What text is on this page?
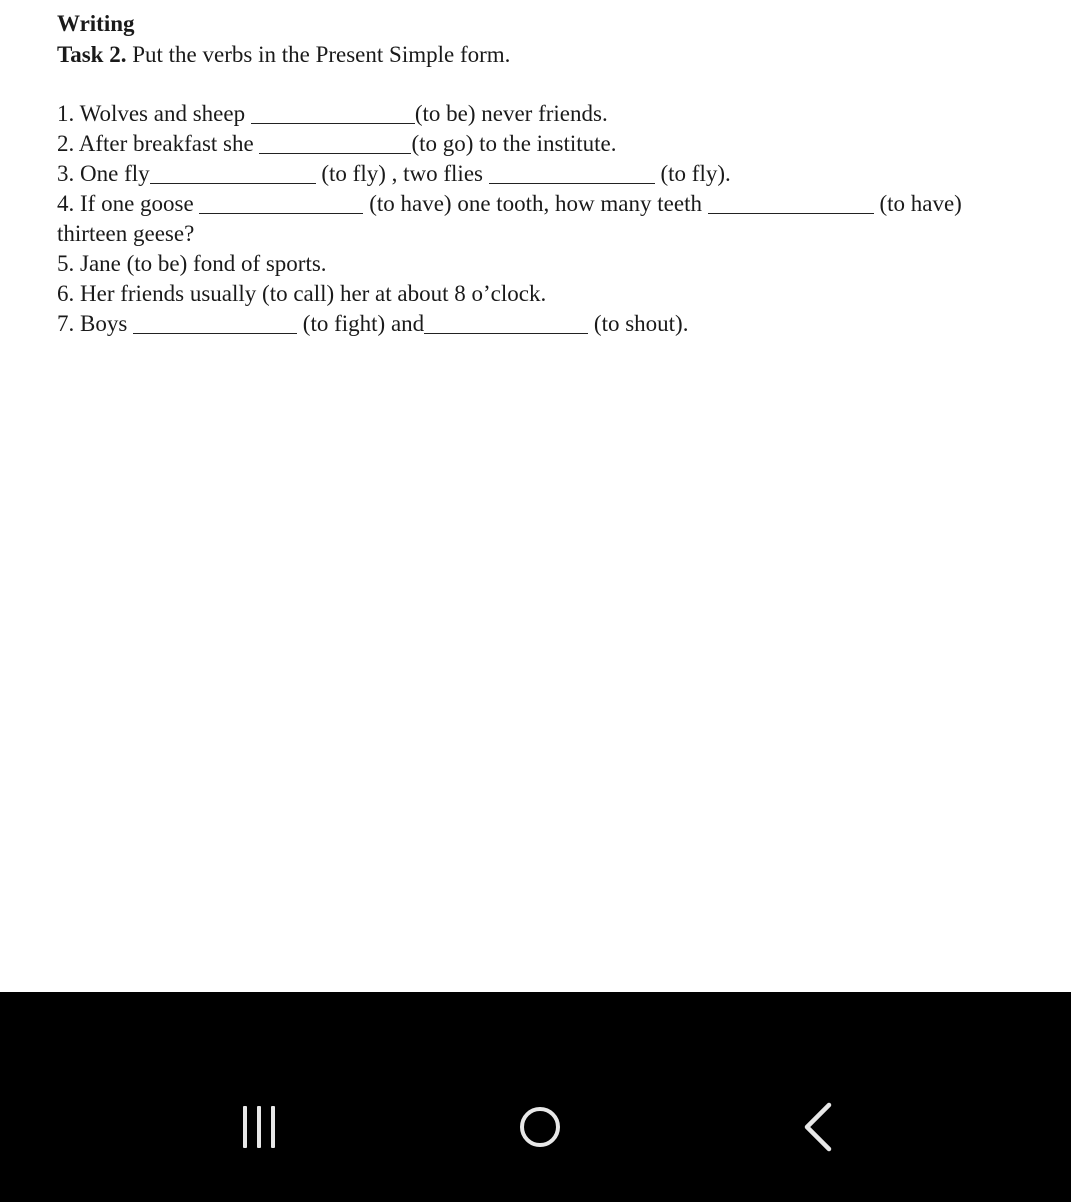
Writing
Task 2. Put the verbs in the Present Simple form.
1. Wolves and sheep	(to be) never friends.
2. After breakfast she	(to go) to the institute.
3. One fly	(to fly) , two flies	(to fly).
4. If one goose	(to have) one tooth, how many teeth	(to have)
thirteen geese?
5. Jane (to be) fond of sports.
6. Her friends usually (to call) her at about 8 o’clock.
7. Boys	(to fight) and	(to shout).
